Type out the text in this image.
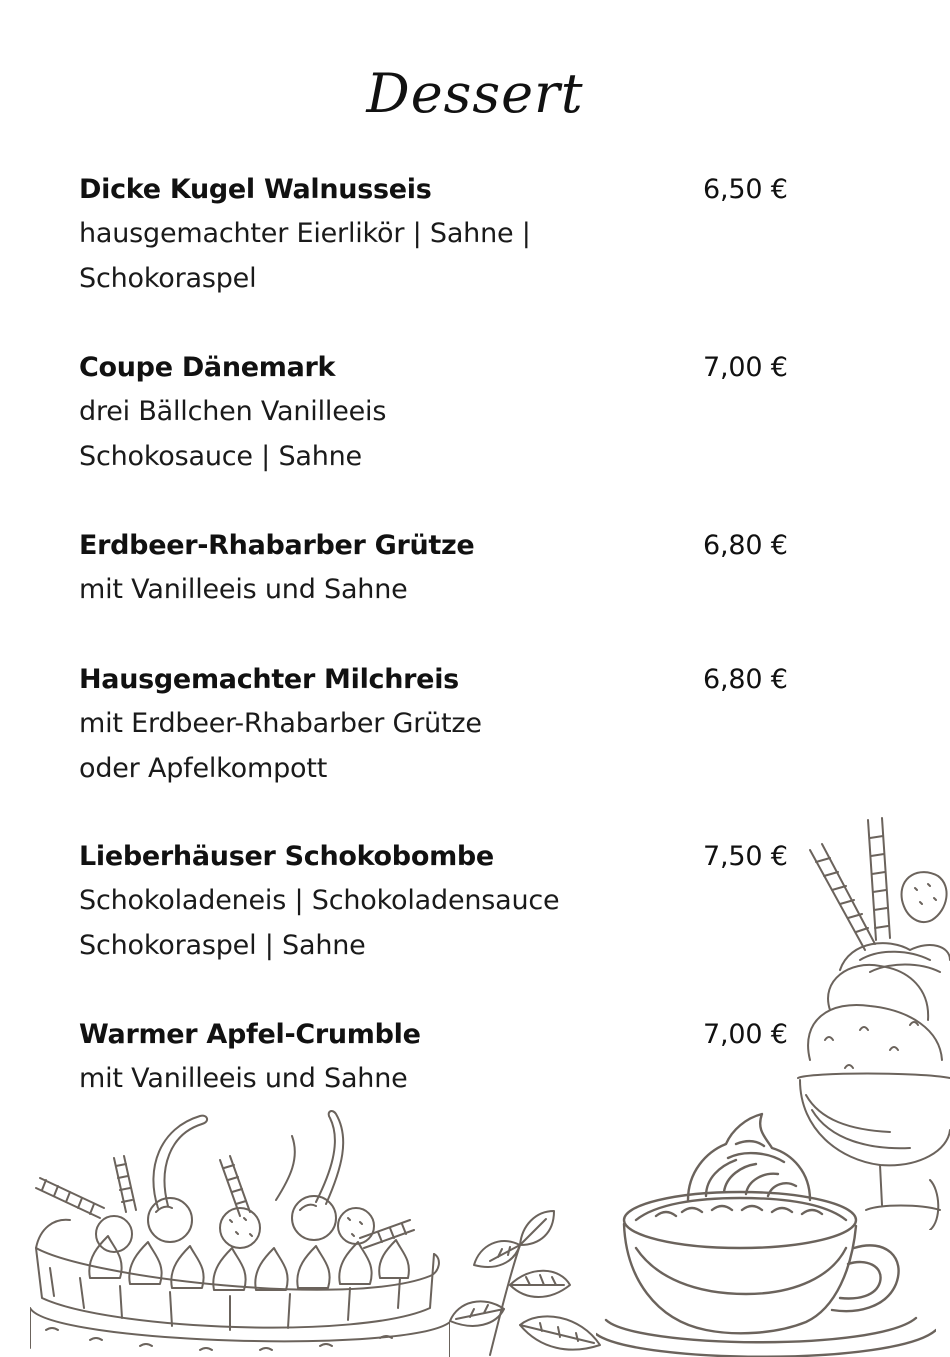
Dessert
Dicke Kugel Walnusseis
hausgemachter Eierlikör | Sahne |
Schokoraspel
6,50 €
Coupe Dänemark
drei Bällchen Vanilleeis
Schokosauce | Sahne
7,00 €
Erdbeer-Rhabarber Grütze
mit Vanilleeis und Sahne
6,80 €
Hausgemachter Milchreis
mit Erdbeer-Rhabarber Grütze
oder Apfelkompott
6,80 €
Lieberhäuser Schokobombe
Schokoladeneis | Schokoladensauce
Schokoraspel | Sahne
7,50 €
Warmer Apfel-Crumble
mit Vanilleeis und Sahne
7,00 €
